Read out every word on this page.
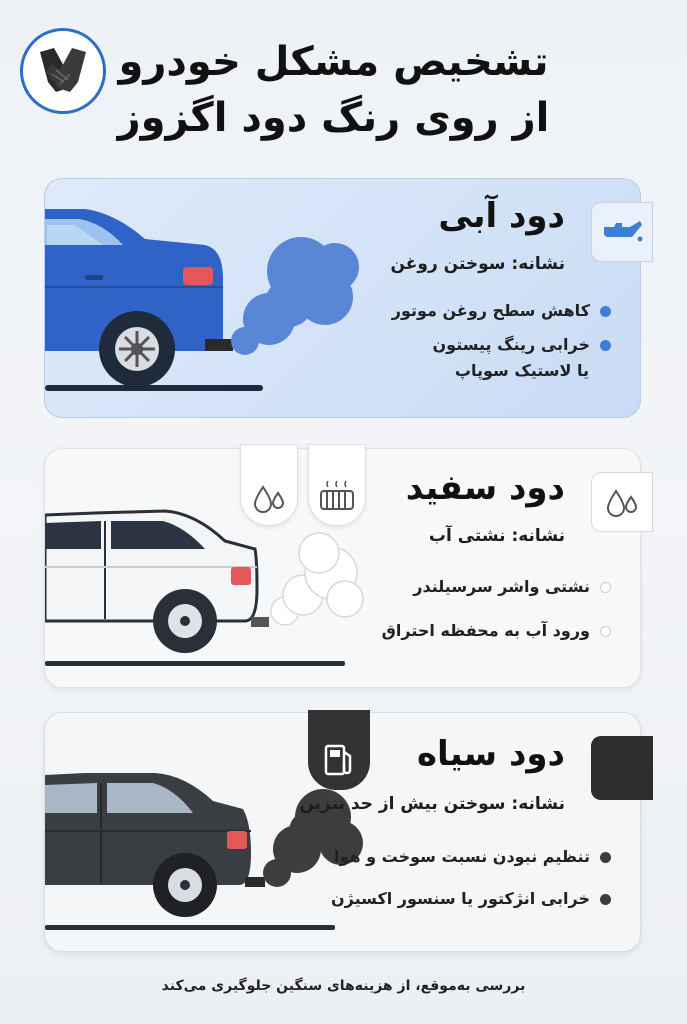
تشخیص مشکل خودرو
از روی رنگ دود اگزوز
دود آبی
نشانه: سوختن روغن
کاهش سطح روغن موتور
خرابی رینگ پیستون
یا لاستیک سوپاپ
دود سفید
نشانه: نشتی آب
نشتی واشر سرسیلندر
ورود آب به محفظه احتراق
دود سیاه
نشانه: سوختن بیش از حد بنزین
تنظیم نبودن نسبت سوخت و هوا
خرابی انژکتور یا سنسور اکسیژن
بررسی به‌موقع، از هزینه‌های سنگین جلوگیری می‌کند
